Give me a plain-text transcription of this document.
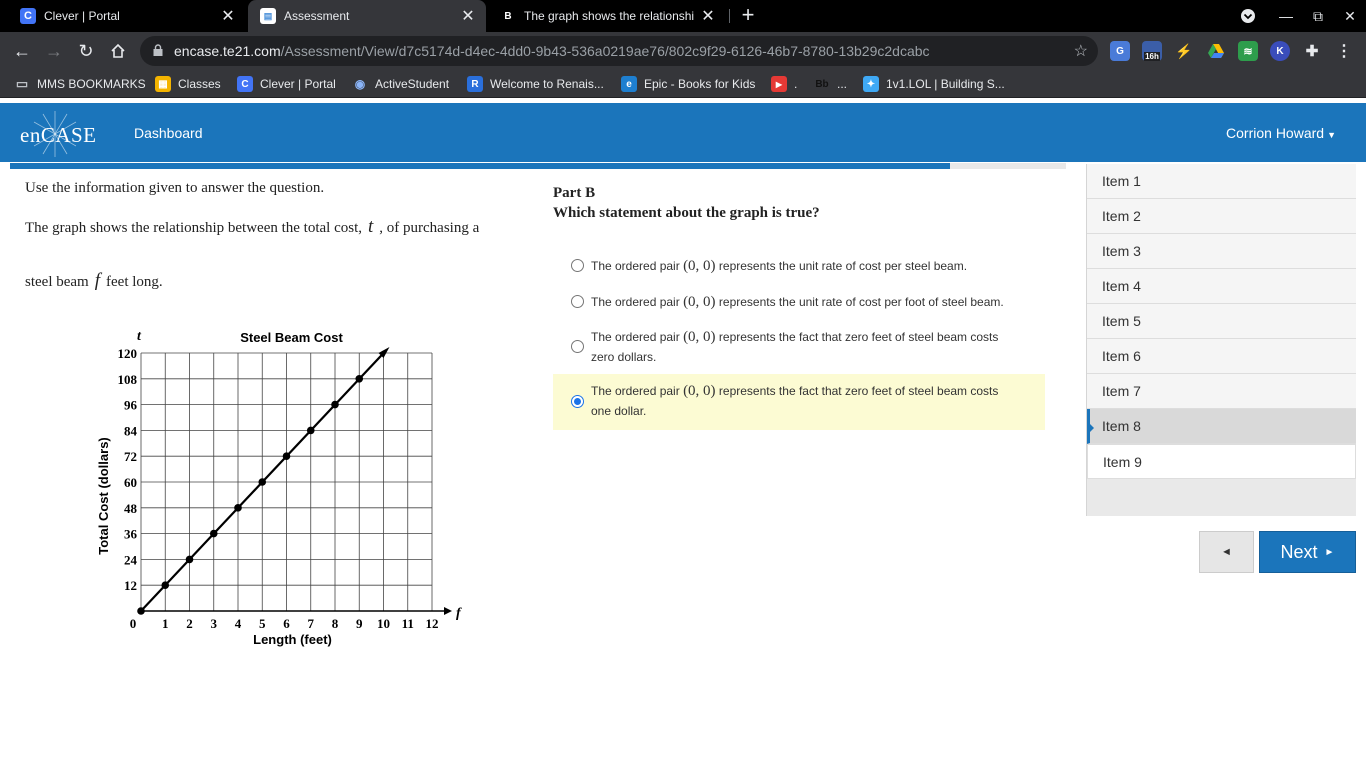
C	Clever | Portal	✕	▤ Assessment	✕	B	The graph shows the relationshi ✕ +	—	⧉	✕
← → ↻	encase.te21.com /Assessment/View/d7c5174d-d4ec-4dd0-9b43-536a0219ae76/802c9f29-6126-46b7-8780-13b29c2dcabc	☆	G	16h ⚡	≋	K	✚ ⋮
▭ MMS BOOKMARKS	▦ Classes	C Clever | Portal ◉ ActiveStudent	R Welcome to Renais...	e	Epic - Books for Kids	▶ . Bb ...	✦ 1v1.LOL | Building S...
enCASE	Dashboard	Corrion Howard ▼
Use the information given to answer the question.
The graph shows the relationship between the total cost, t , of purchasing a
steel beam f feet long.
0 1 2 3 4 5 6 7 8 9 10 11 12
12
24
36
48
60
72
84
96
108
120
f
t	Steel Beam Cost
Length (feet)
Total Cost (dollars)
Part B
Which statement about the graph is true?
The ordered pair (0, 0) represents the unit rate of cost per steel beam.
The ordered pair (0, 0) represents the unit rate of cost per foot of steel beam.
The ordered pair (0, 0) represents the fact that zero feet of steel beam costs zero dollars.
The ordered pair (0, 0) represents the fact that zero feet of steel beam costs one dollar.
Item 1
Item 2
Item 3
Item 4
Item 5
Item 6
Item 7
Item 8
Item 9
◄	Next ►
